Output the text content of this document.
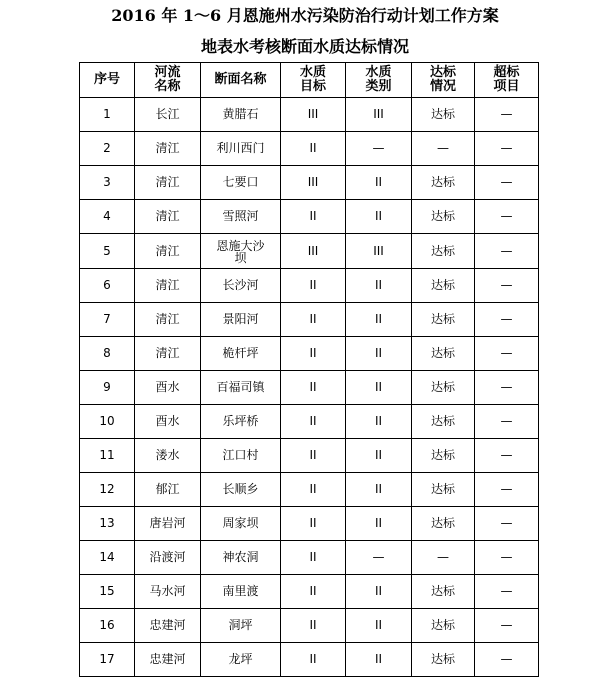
2016 年 1～6 月恩施州水污染防治行动计划工作方案
地表水考核断面水质达标情况
序号	河流名称	断面名称	水质目标	水质类别	达标情况	超标项目
1	长江	黄腊石	III	III	达标	—
2	清江	利川西门	II	—	—	—
3	清江	七要口	III	II	达标	—
4	清江	雪照河	II	II	达标	—
5	清江	恩施大沙坝	III	III	达标	—
6	清江	长沙河	II	II	达标	—
7	清江	景阳河	II	II	达标	—
8	清江	桅杆坪	II	II	达标	—
9	酉水	百福司镇	II	II	达标	—
10	酉水	乐坪桥	II	II	达标	—
11	溇水	江口村	II	II	达标	—
12	郁江	长顺乡	II	II	达标	—
13	唐岩河	周家坝	II	II	达标	—
14	沿渡河	神农洞	II	—	—	—
15	马水河	南里渡	II	II	达标	—
16	忠建河	洞坪	II	II	达标	—
17	忠建河	龙坪	II	II	达标	—
